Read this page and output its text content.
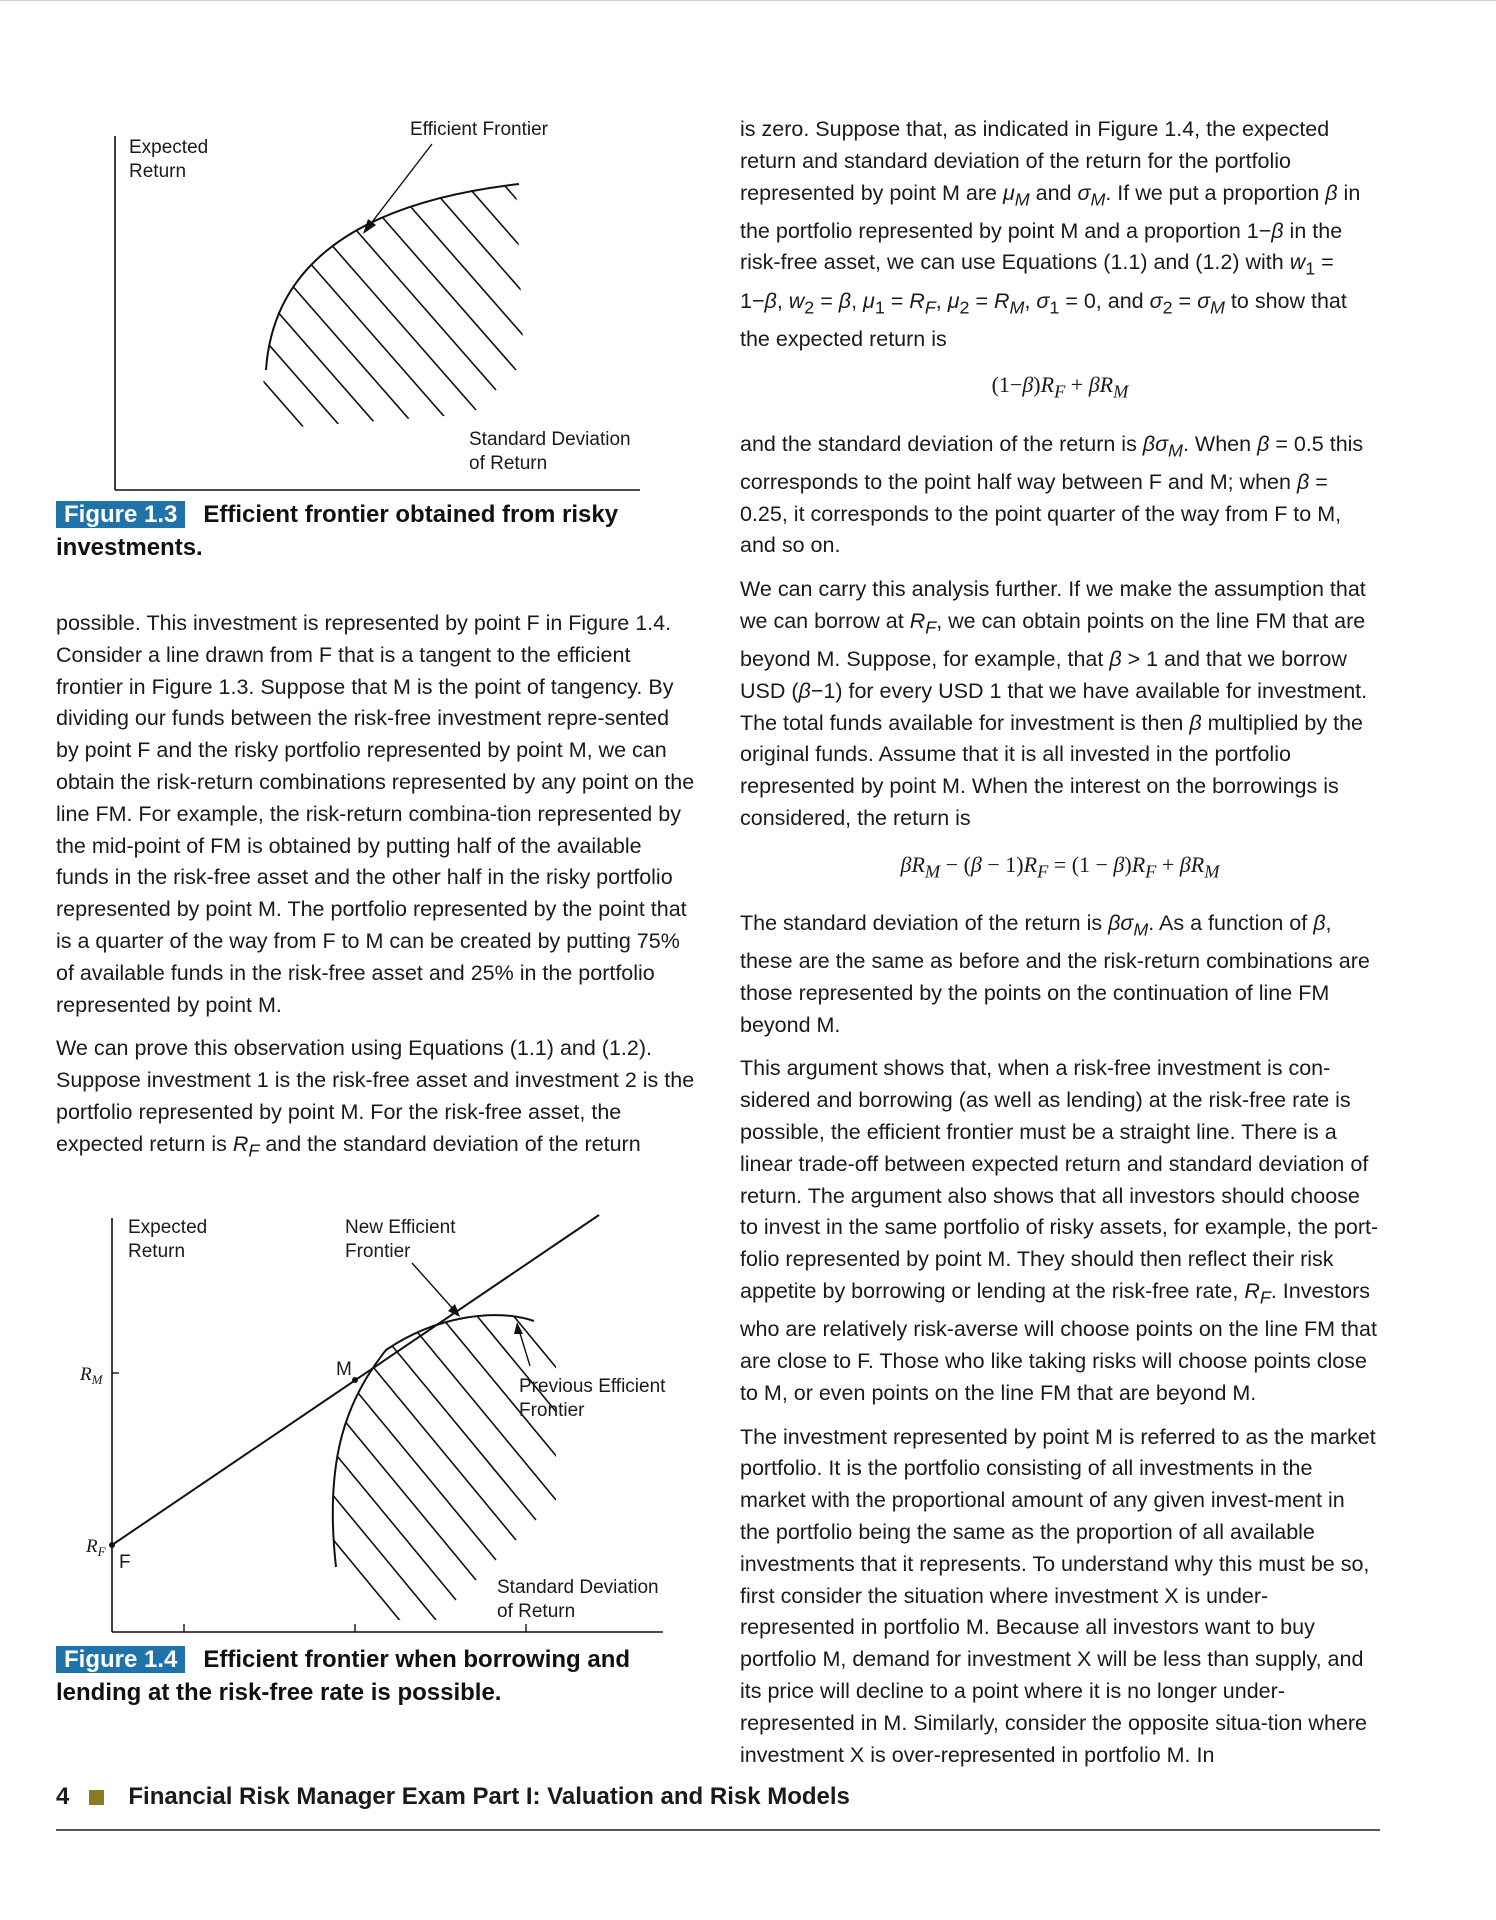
Expected
Return
Efficient Frontier
Standard Deviation
of Return
Figure 1.3 Efficient frontier obtained from risky investments.

possible. This investment is represented by point F in Figure 1.4. Consider a line drawn from F that is a tangent to the efficient frontier in Figure 1.3. Suppose that M is the point of tangency. By dividing our funds between the risk-free investment repre-sented by point F and the risky portfolio represented by point M, we can obtain the risk-return combinations represented by any point on the line FM. For example, the risk-return combina-tion represented by the mid-point of FM is obtained by putting half of the available funds in the risk-free asset and the other half in the risky portfolio represented by point M. The portfolio represented by the point that is a quarter of the way from F to M can be created by putting 75% of available funds in the risk-free asset and 25% in the portfolio represented by point M.

We can prove this observation using Equations (1.1) and (1.2). Suppose investment 1 is the risk-free asset and investment 2 is the portfolio represented by point M. For the risk-free asset, the expected return is $R_F$ and the standard deviation of the return

Expected
Return
New Efficient
Frontier
Previous Efficient
Frontier
Standard Deviation
of Return
M
F
$R_M$
$R_F$
Figure 1.4 Efficient frontier when borrowing and lending at the risk-free rate is possible.

is zero. Suppose that, as indicated in Figure 1.4, the expected return and standard deviation of the return for the portfolio represented by point M are $\mu_M$ and $\sigma_M$. If we put a proportion β in the portfolio represented by point M and a proportion 1−β in the risk-free asset, we can use Equations (1.1) and (1.2) with $w_1 = 1-\beta$, $w_2 = \beta$, $\mu_1 = R_F$, $\mu_2 = R_M$, $\sigma_1 = 0$, and $\sigma_2 = \sigma_M$ to show that the expected return is

$(1-\beta)R_F + \beta R_M$

and the standard deviation of the return is $\beta\sigma_M$. When β = 0.5 this corresponds to the point half way between F and M; when β = 0.25, it corresponds to the point quarter of the way from F to M, and so on.

We can carry this analysis further. If we make the assumption that we can borrow at $R_F$, we can obtain points on the line FM that are beyond M. Suppose, for example, that β > 1 and that we borrow USD (β−1) for every USD 1 that we have available for investment. The total funds available for investment is then β multiplied by the original funds. Assume that it is all invested in the portfolio represented by point M. When the interest on the borrowings is considered, the return is

$\beta R_M - (\beta - 1)R_F = (1 - \beta)R_F + \beta R_M$

The standard deviation of the return is $\beta\sigma_M$. As a function of β, these are the same as before and the risk-return combinations are those represented by the points on the continuation of line FM beyond M.

This argument shows that, when a risk-free investment is con-sidered and borrowing (as well as lending) at the risk-free rate is possible, the efficient frontier must be a straight line. There is a linear trade-off between expected return and standard deviation of return. The argument also shows that all investors should choose to invest in the same portfolio of risky assets, for example, the port-folio represented by point M. They should then reflect their risk appetite by borrowing or lending at the risk-free rate, $R_F$. Investors who are relatively risk-averse will choose points on the line FM that are close to F. Those who like taking risks will choose points close to M, or even points on the line FM that are beyond M.

The investment represented by point M is referred to as the market portfolio. It is the portfolio consisting of all investments in the market with the proportional amount of any given invest-ment in the portfolio being the same as the proportion of all available investments that it represents. To understand why this must be so, first consider the situation where investment X is under-represented in portfolio M. Because all investors want to buy portfolio M, demand for investment X will be less than supply, and its price will decline to a point where it is no longer under-represented in M. Similarly, consider the opposite situa-tion where investment X is over-represented in portfolio M. In

4 Financial Risk Manager Exam Part I: Valuation and Risk Models
